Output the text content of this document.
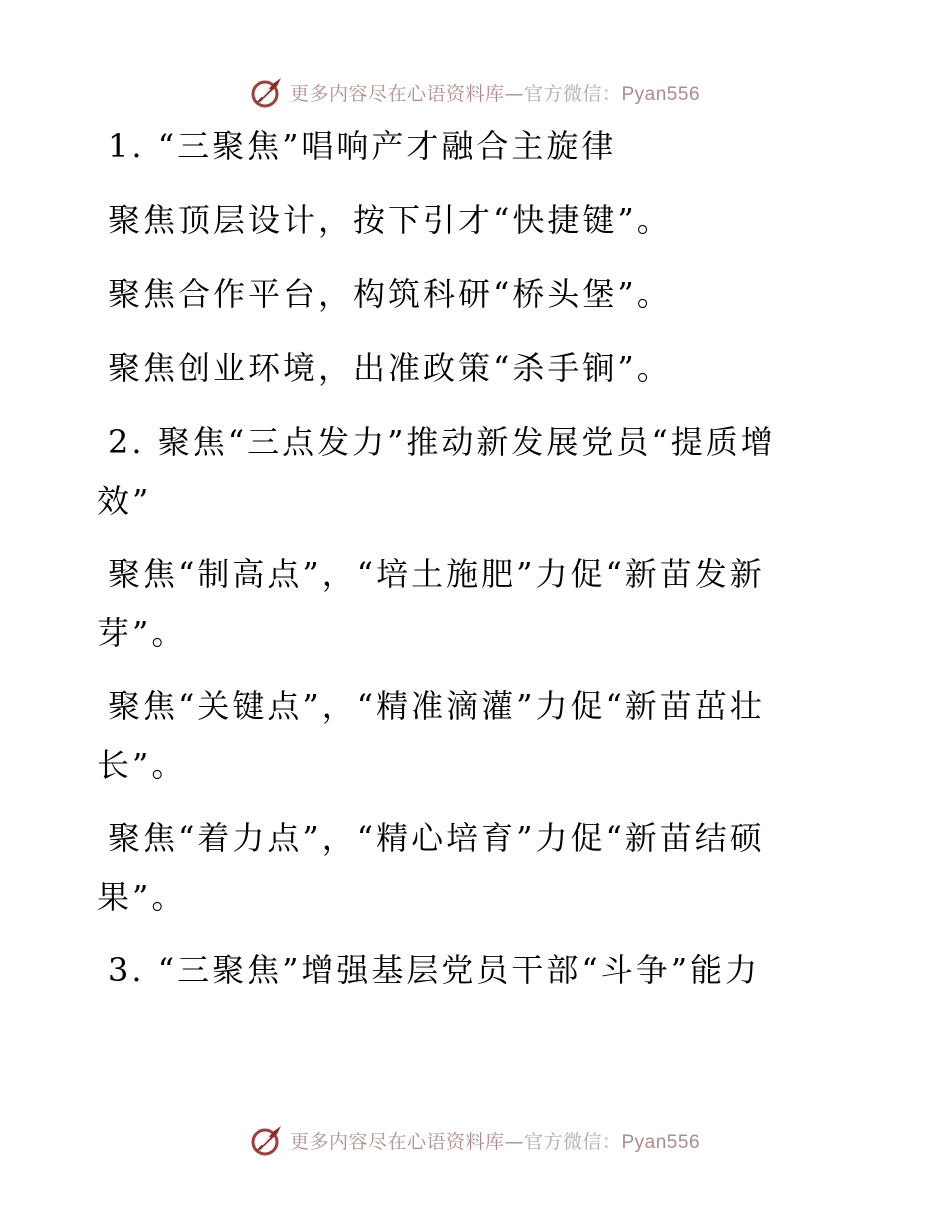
更多内容尽在心语资料库—官方微信：Pyan556
1. “三聚焦”唱响产才融合主旋律
聚焦顶层设计，按下引才“快捷键”。
聚焦合作平台，构筑科研“桥头堡”。
聚焦创业环境，出准政策“杀手锏”。
2. 聚焦“三点发力”推动新发展党员“提质增
效”
聚焦“制高点”，“培土施肥”力促“新苗发新
芽”。
聚焦“关键点”，“精准滴灌”力促“新苗茁壮
长”。
聚焦“着力点”，“精心培育”力促“新苗结硕
果”。
3. “三聚焦”增强基层党员干部“斗争”能力
更多内容尽在心语资料库—官方微信：Pyan556
